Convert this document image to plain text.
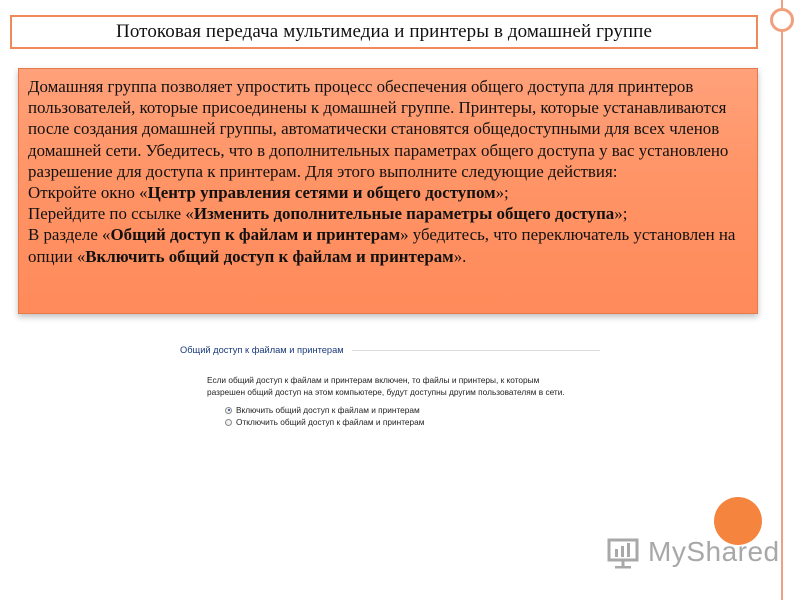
Потоковая передача мультимедиа и принтеры в домашней группе

Домашняя группа позволяет упростить процесс обеспечения общего доступа для принтеров пользователей, которые присоединены к домашней группе. Принтеры, которые устанавливаются после создания домашней группы, автоматически становятся общедоступными для всех членов домашней сети. Убедитесь, что в дополнительных параметрах общего доступа у вас установлено разрешение для доступа к принтерам. Для этого выполните следующие действия:

Откройте окно «Центр управления сетями и общего доступом»;

Перейдите по ссылке «Изменить дополнительные параметры общего доступа»;

В разделе «Общий доступ к файлам и принтерам» убедитесь, что переключатель установлен на опции «Включить общий доступ к файлам и принтерам».

Общий доступ к файлам и принтерам
Если общий доступ к файлам и принтерам включен, то файлы и принтеры, к которым
разрешен общий доступ на этом компьютере, будут доступны другим пользователям в сети.
Включить общий доступ к файлам и принтерам
Отключить общий доступ к файлам и принтерам
MyShared
